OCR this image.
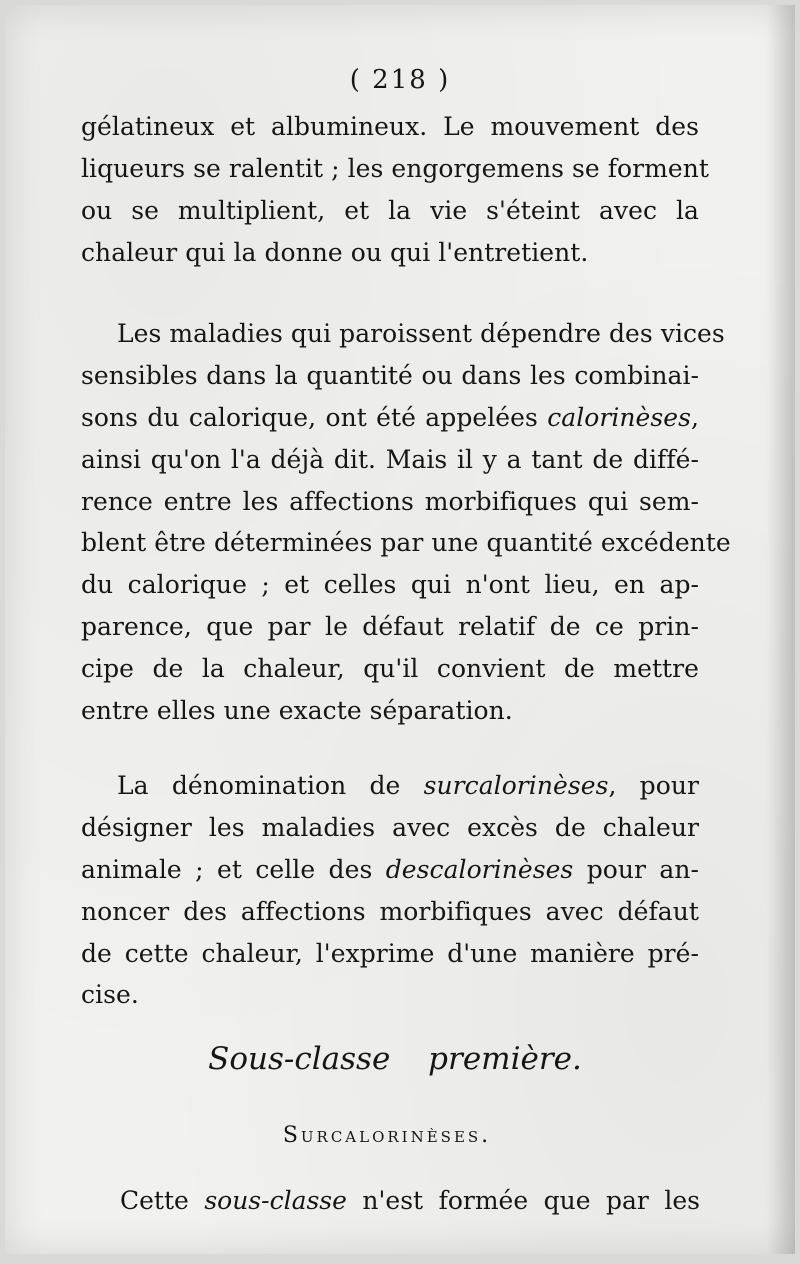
( 218 )
gélatineux et albumineux. Le mouvement des
liqueurs se ralentit ; les engorgemens se forment
ou se multiplient, et la vie s'éteint avec la
chaleur qui la donne ou qui l'entretient.
Les maladies qui paroissent dépendre des vices
sensibles dans la quantité ou dans les combinai-
sons du calorique, ont été appelées calorinèses,
ainsi qu'on l'a déjà dit. Mais il y a tant de diffé-
rence entre les affections morbifiques qui sem-
blent être déterminées par une quantité excédente
du calorique ; et celles qui n'ont lieu, en ap-
parence, que par le défaut relatif de ce prin-
cipe de la chaleur, qu'il convient de mettre
entre elles une exacte séparation.
La dénomination de surcalorinèses, pour
désigner les maladies avec excès de chaleur
animale ; et celle des descalorinèses pour an-
noncer des affections morbifiques avec défaut
de cette chaleur, l'exprime d'une manière pré-
cise.
Sous-classe première.
Surcalorinèses.
Cette sous-classe n'est formée que par les
